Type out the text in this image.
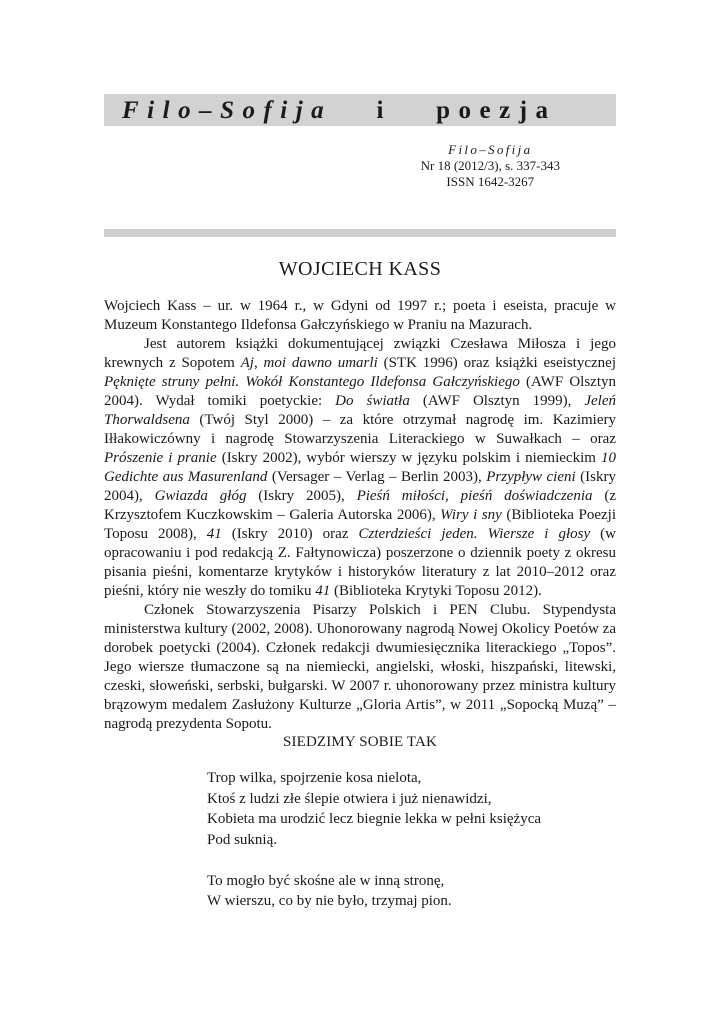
Filo–Sofija i poezja
Filo–Sofija
Nr 18 (2012/3), s. 337-343
ISSN 1642-3267
WOJCIECH KASS

Wojciech Kass – ur. w 1964 r., w Gdyni od 1997 r.; poeta i eseista, pracuje w Muzeum Konstantego Ildefonsa Gałczyńskiego w Praniu na Mazurach.

Jest autorem książki dokumentującej związki Czesława Miłosza i jego krewnych z Sopotem Aj, moi dawno umarli (STK 1996) oraz książki eseistycznej Pęknięte struny pełni. Wokół Konstantego Ildefonsa Gałczyńskiego (AWF Olsztyn 2004). Wydał tomiki poetyckie: Do światła (AWF Olsztyn 1999), Jeleń Thorwaldsena (Twój Styl 2000) – za które otrzymał nagrodę im. Kazimiery Iłłakowiczówny i nagrodę Stowarzyszenia Literackiego w Suwałkach – oraz Prószenie i pranie (Iskry 2002), wybór wierszy w języku polskim i niemieckim 10 Gedichte aus Masurenland (Versager – Verlag – Berlin 2003), Przypływ cieni (Iskry 2004), Gwiazda głóg (Iskry 2005), Pieśń miłości, pieśń doświadczenia (z Krzysztofem Kuczkowskim – Galeria Autorska 2006), Wiry i sny (Biblioteka Poezji Toposu 2008), 41 (Iskry 2010) oraz Czterdzieści jeden. Wiersze i głosy (w opracowaniu i pod redakcją Z. Fałtynowicza) poszerzone o dziennik poety z okresu pisania pieśni, komentarze krytyków i historyków literatury z lat 2010–2012 oraz pieśni, który nie weszły do tomiku 41 (Biblioteka Krytyki Toposu 2012).

Członek Stowarzyszenia Pisarzy Polskich i PEN Clubu. Stypendysta ministerstwa kultury (2002, 2008). Uhonorowany nagrodą Nowej Okolicy Poetów za dorobek poetycki (2004). Członek redakcji dwumiesięcznika literackiego „Topos”. Jego wiersze tłumaczone są na niemiecki, angielski, włoski, hiszpański, litewski, czeski, słoweński, serbski, bułgarski. W 2007 r. uhonorowany przez ministra kultury brązowym medalem Zasłużony Kulturze „Gloria Artis”, w 2011 „Sopocką Muzą” – nagrodą prezydenta Sopotu.

SIEDZIMY SOBIE TAK
Trop wilka, spojrzenie kosa nielota,
Ktoś z ludzi złe ślepie otwiera i już nienawidzi,
Kobieta ma urodzić lecz biegnie lekka w pełni księżyca
Pod suknią.
To mogło być skośne ale w inną stronę,
W wierszu, co by nie było, trzymaj pion.
